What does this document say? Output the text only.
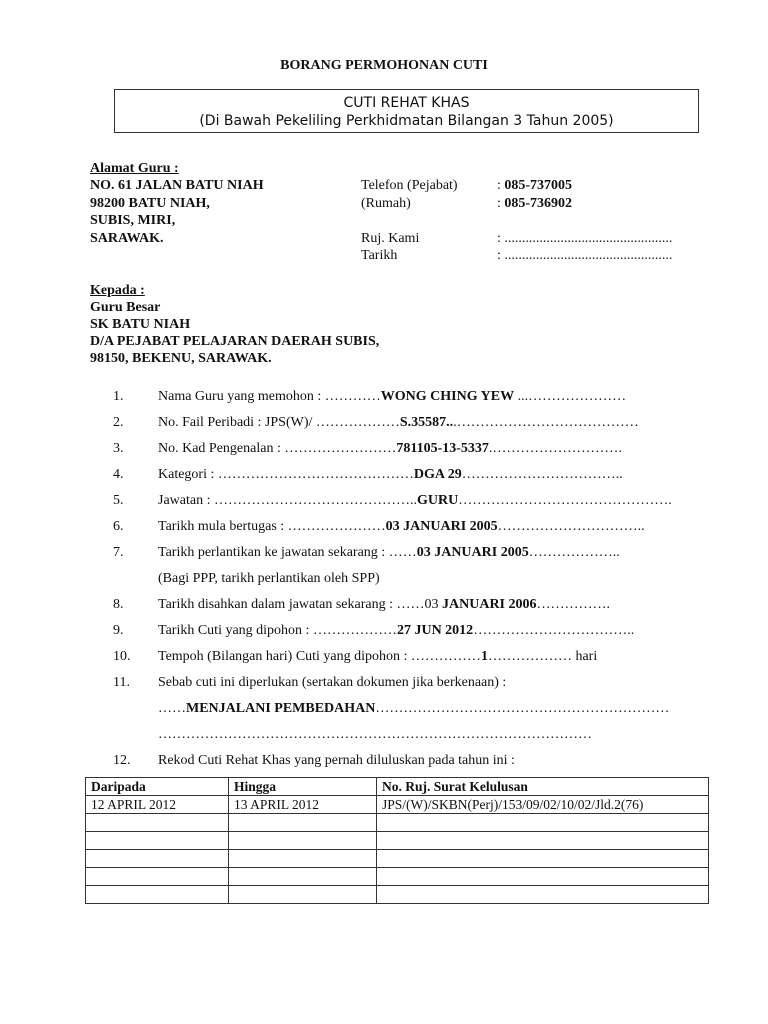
BORANG PERMOHONAN CUTI
CUTI REHAT KHAS
(Di Bawah Pekeliling Perkhidmatan Bilangan 3 Tahun 2005)
Alamat Guru :
NO. 61 JALAN BATU NIAH
98200 BATU NIAH,
SUBIS, MIRI,
SARAWAK.
Telefon (Pejabat)	: 085-737005
(Rumah)	: 085-736902
Ruj. Kami	: ................................................
Tarikh	: ................................................
Kepada :
Guru Besar
SK BATU NIAH
D/A PEJABAT PELAJARAN DAERAH SUBIS,
98150, BEKENU, SARAWAK.
1. Nama Guru yang memohon : …………WONG CHING YEW ...…………………
2. No. Fail Peribadi : JPS(W)/ ………………S.35587...…………………………………
3. No. Kad Pengenalan : ……………………781105-13-5337.……………………….
4. Kategori : ……………………………………DGA 29……………………………..
5. Jawatan : ……………………………………..GURU……………………………………….
6. Tarikh mula bertugas : …………………03 JANUARI 2005…………………………..
7. Tarikh perlantikan ke jawatan sekarang : ……03 JANUARI 2005………………..
(Bagi PPP, tarikh perlantikan oleh SPP)
8. Tarikh disahkan dalam jawatan sekarang : ……03 JANUARI 2006…………….
9. Tarikh Cuti yang dipohon : ………………27 JUN 2012……………………………..
10. Tempoh (Bilangan hari) Cuti yang dipohon : ……………1……………… hari
11. Sebab cuti ini diperlukan (sertakan dokumen jika berkenaan) :
……MENJALANI PEMBEDAHAN………………………………………………………
…………………………………………………………………………………
12. Rekod Cuti Rehat Khas yang pernah diluluskan pada tahun ini :
Daripada	Hingga	No. Ruj. Surat Kelulusan
12 APRIL 2012	13 APRIL 2012	JPS/(W)/SKBN(Perj)/153/09/02/10/02/Jld.2(76)
